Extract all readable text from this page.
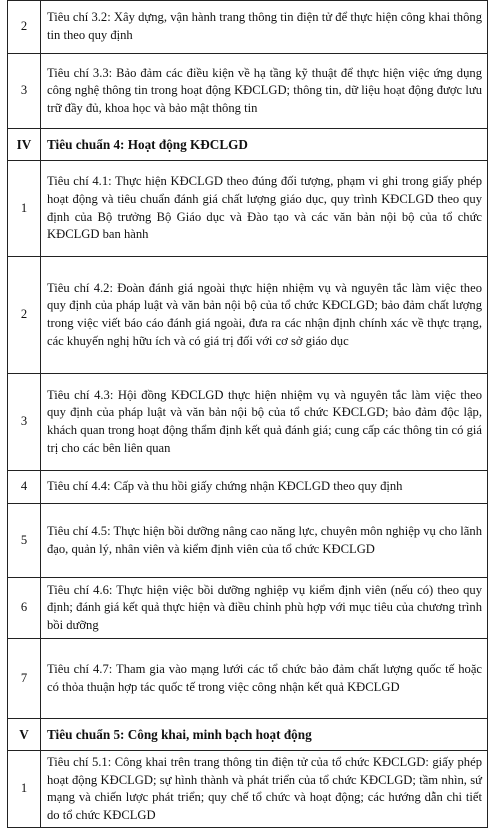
2	Tiêu chí 3.2: Xây dựng, vận hành trang thông tin điện tử để thực hiện công khai thông tin theo quy định
3	Tiêu chí 3.3: Bảo đảm các điều kiện về hạ tầng kỹ thuật để thực hiện việc ứng dụng công nghệ thông tin trong hoạt động KĐCLGD; thông tin, dữ liệu hoạt động được lưu trữ đầy đủ, khoa học và bảo mật thông tin
IV	Tiêu chuẩn 4: Hoạt động KĐCLGD
1	Tiêu chí 4.1: Thực hiện KĐCLGD theo đúng đối tượng, phạm vi ghi trong giấy phép hoạt động và tiêu chuẩn đánh giá chất lượng giáo dục, quy trình KĐCLGD theo quy định của Bộ trưởng Bộ Giáo dục và Đào tạo và các văn bản nội bộ của tổ chức KĐCLGD ban hành
2	Tiêu chí 4.2: Đoàn đánh giá ngoài thực hiện nhiệm vụ và nguyên tắc làm việc theo quy định của pháp luật và văn bản nội bộ của tổ chức KĐCLGD; bảo đảm chất lượng trong việc viết báo cáo đánh giá ngoài, đưa ra các nhận định chính xác về thực trạng, các khuyến nghị hữu ích và có giá trị đối với cơ sở giáo dục
3	Tiêu chí 4.3: Hội đồng KĐCLGD thực hiện nhiệm vụ và nguyên tắc làm việc theo quy định của pháp luật và văn bản nội bộ của tổ chức KĐCLGD; bảo đảm độc lập, khách quan trong hoạt động thẩm định kết quả đánh giá; cung cấp các thông tin có giá trị cho các bên liên quan
4	Tiêu chí 4.4: Cấp và thu hồi giấy chứng nhận KĐCLGD theo quy định
5	Tiêu chí 4.5: Thực hiện bồi dưỡng nâng cao năng lực, chuyên môn nghiệp vụ cho lãnh đạo, quản lý, nhân viên và kiểm định viên của tổ chức KĐCLGD
6	Tiêu chí 4.6: Thực hiện việc bồi dưỡng nghiệp vụ kiểm định viên (nếu có) theo quy định; đánh giá kết quả thực hiện và điều chỉnh phù hợp với mục tiêu của chương trình bồi dưỡng
7	Tiêu chí 4.7: Tham gia vào mạng lưới các tổ chức bảo đảm chất lượng quốc tế hoặc có thỏa thuận hợp tác quốc tế trong việc công nhận kết quả KĐCLGD
V	Tiêu chuẩn 5: Công khai, minh bạch hoạt động
1	Tiêu chí 5.1: Công khai trên trang thông tin điện tử của tổ chức KĐCLGD: giấy phép hoạt động KĐCLGD; sự hình thành và phát triển của tổ chức KĐCLGD; tầm nhìn, sứ mạng và chiến lược phát triển; quy chế tổ chức và hoạt động; các hướng dẫn chi tiết do tổ chức KĐCLGD
